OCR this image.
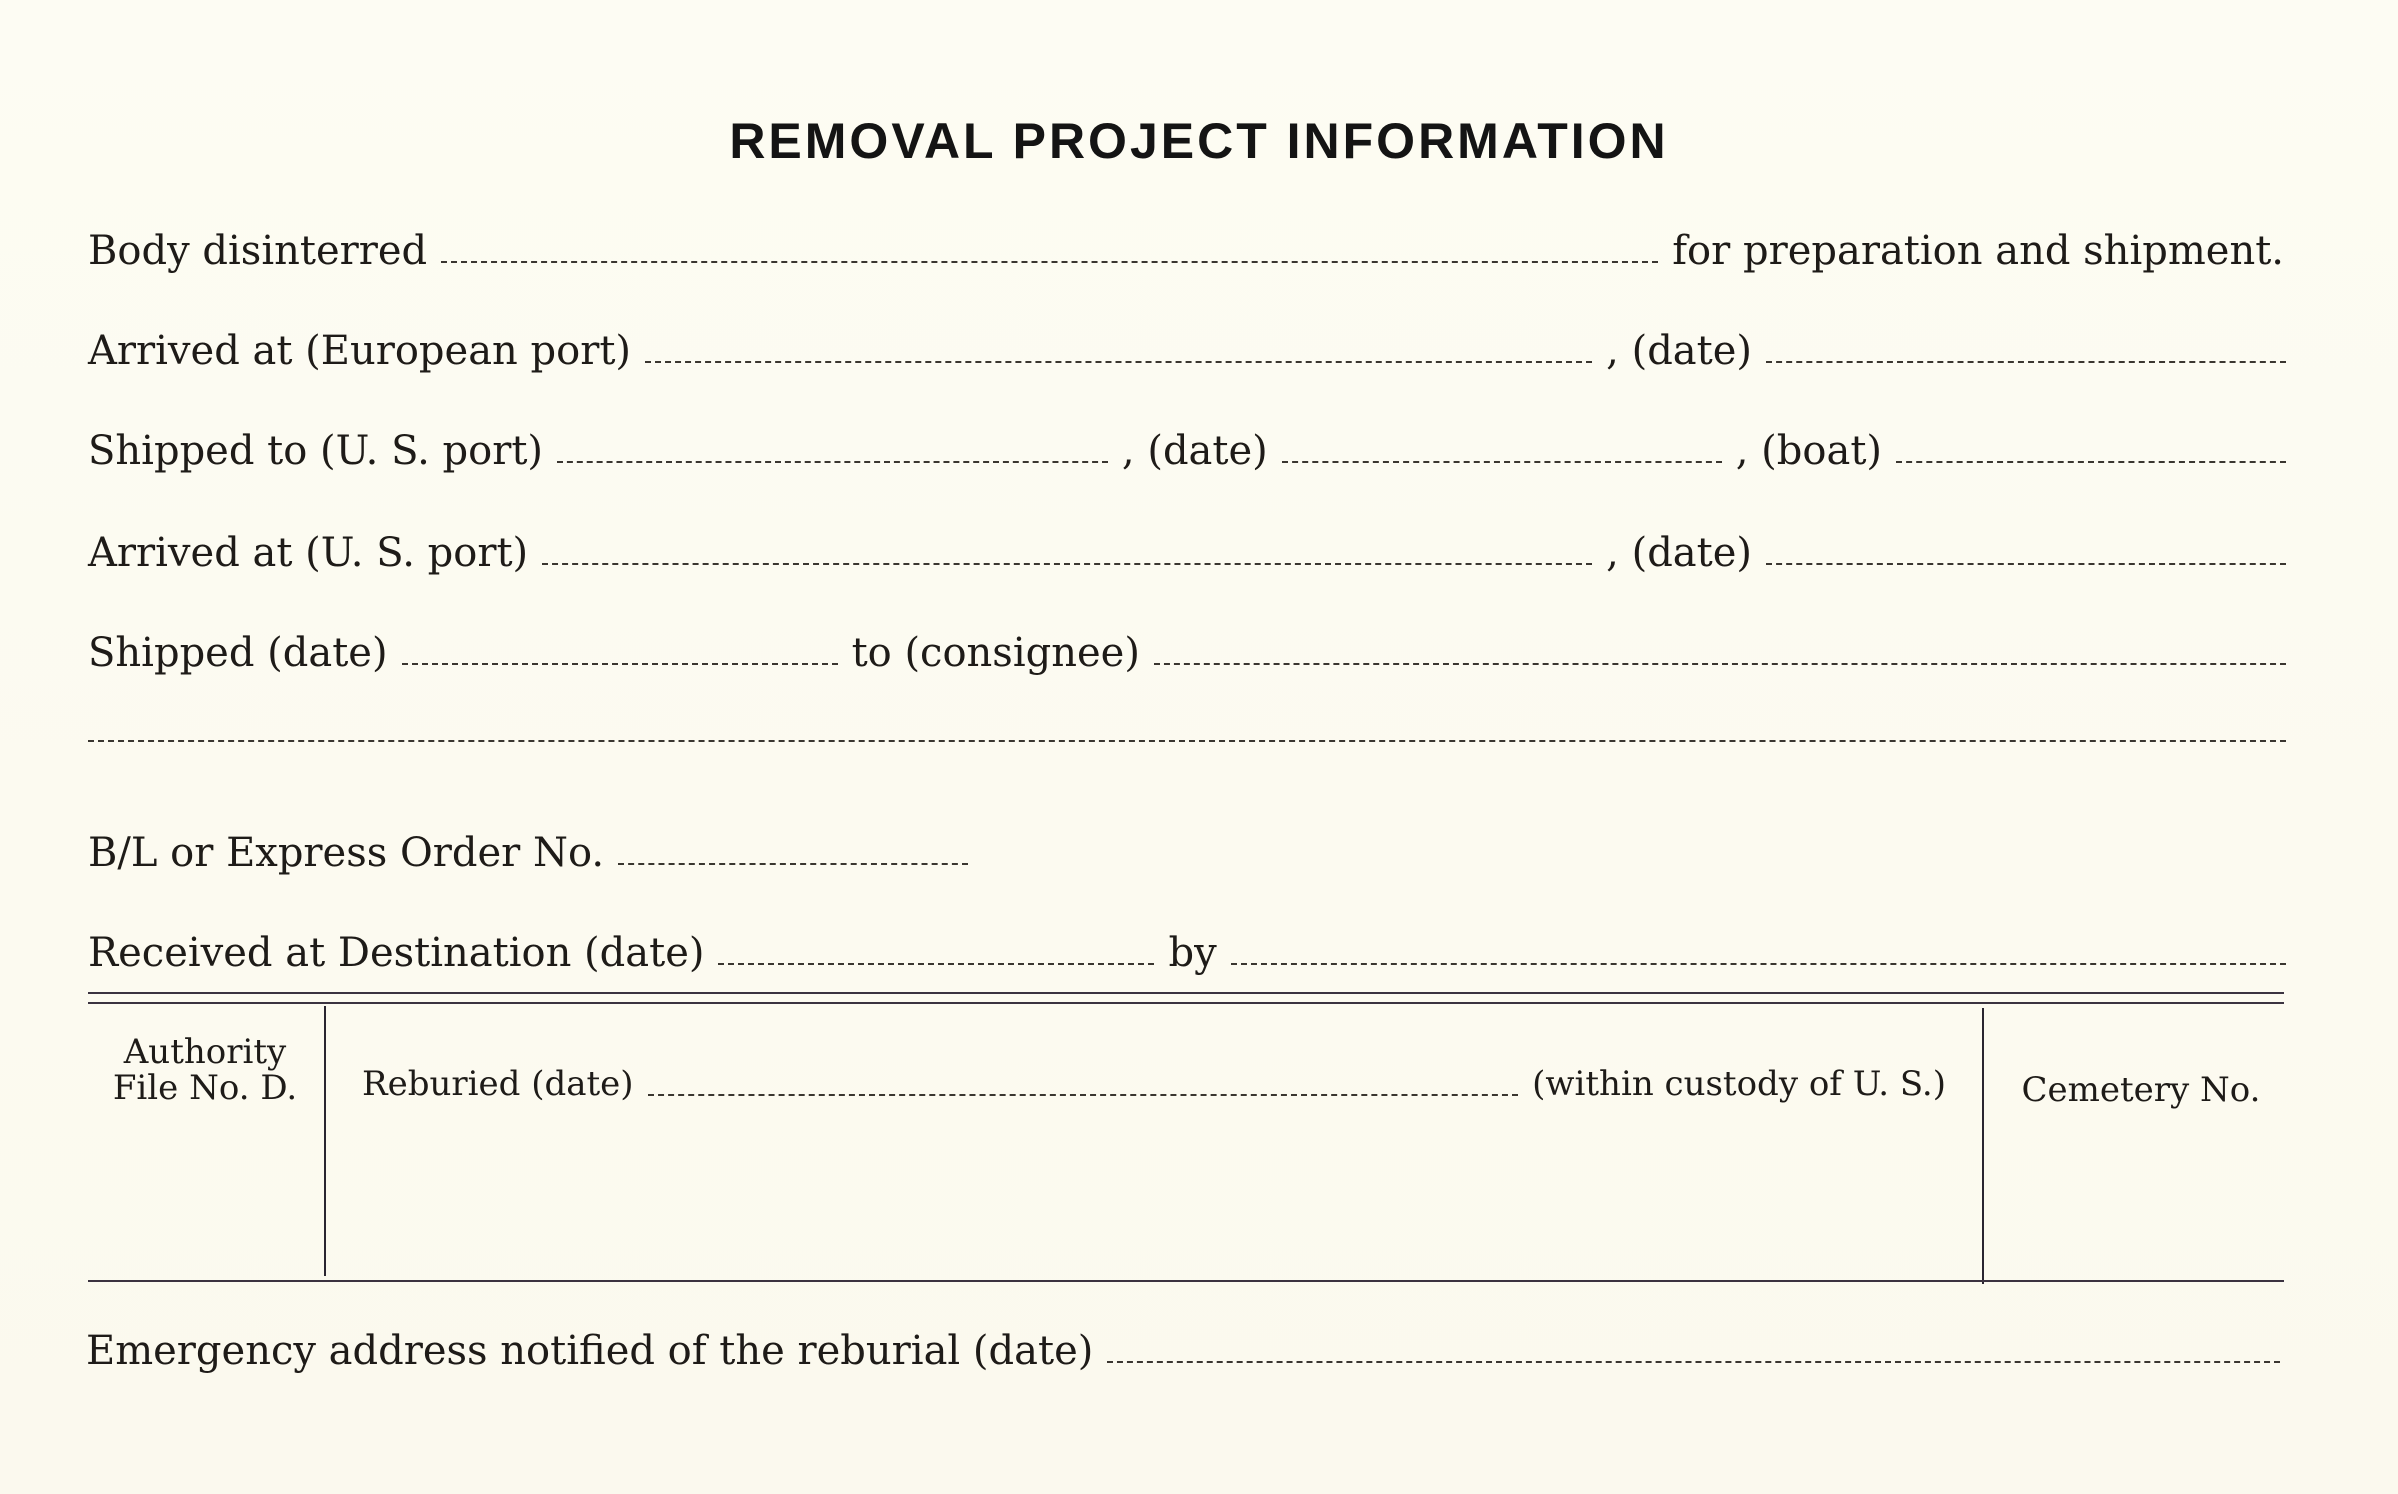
REMOVAL PROJECT INFORMATION
Body disinterred	for preparation and shipment.
Arrived at (European port)	, (date)
Shipped to (U. S. port)	, (date)	, (boat)
Arrived at (U. S. port)	, (date)
Shipped (date)	to (consignee)
B/L or Express Order No.
Received at Destination (date)	by
Authority
File No. D.	Reburied (date)	(within custody of U. S.)	Cemetery No.
Emergency address notified of the reburial (date)
